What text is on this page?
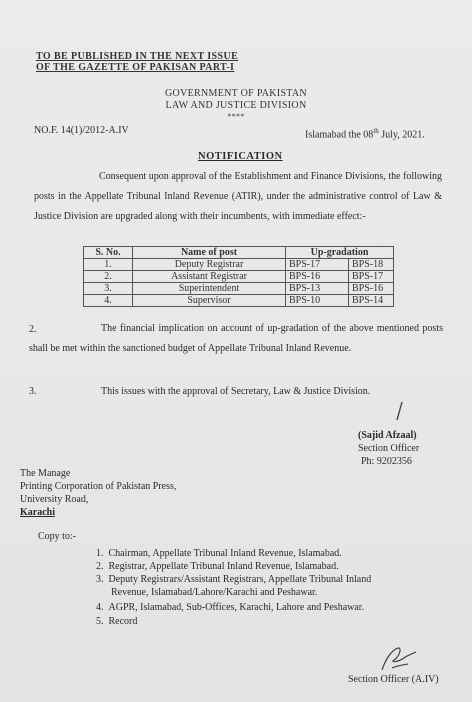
TO BE PUBLISHED IN THE NEXT ISSUE
OF THE GAZETTE OF PAKISAN PART-I
GOVERNMENT OF PAKISTAN
LAW AND JUSTICE DIVISION
****
NO.F. 14(1)/2012-A.IV	Islamabad the 08th July, 2021.
NOTIFICATION
Consequent upon approval of the Establishment and Finance Divisions, the following posts in the Appellate Tribunal Inland Revenue (ATIR), under the administrative control of Law & Justice Division are upgraded along with their incumbents, with immediate effect:-
S. No.	Name of post	Up-gradation	
1.	Deputy Registrar	BPS-17	BPS-18
2.	Assistant Registrar	BPS-16	BPS-17
3.	Superintendent	BPS-13	BPS-16
4.	Supervisor	BPS-10	BPS-14
2.	The financial implication on account of up-gradation of the above mentioned posts shall be met within the sanctioned budget of Appellate Tribunal Inland Revenue.
3.	This issues with the approval of Secretary, Law & Justice Division.
(Sajid Afzaal)
Section Officer
Ph: 9202356
The Manage
Printing Corporation of Pakistan Press,
University Road,
Karachi
Copy to:-
1. Chairman, Appellate Tribunal Inland Revenue, Islamabad.
2. Registrar, Appellate Tribunal Inland Revenue, Islamabad.
3. Deputy Registrars/Assistant Registrars, Appellate Tribunal Inland
Revenue, Islamabad/Lahore/Karachi and Peshawar.
4. AGPR, Islamabad, Sub-Offices, Karachi, Lahore and Peshawar.
5. Record
Section Officer (A.IV)
